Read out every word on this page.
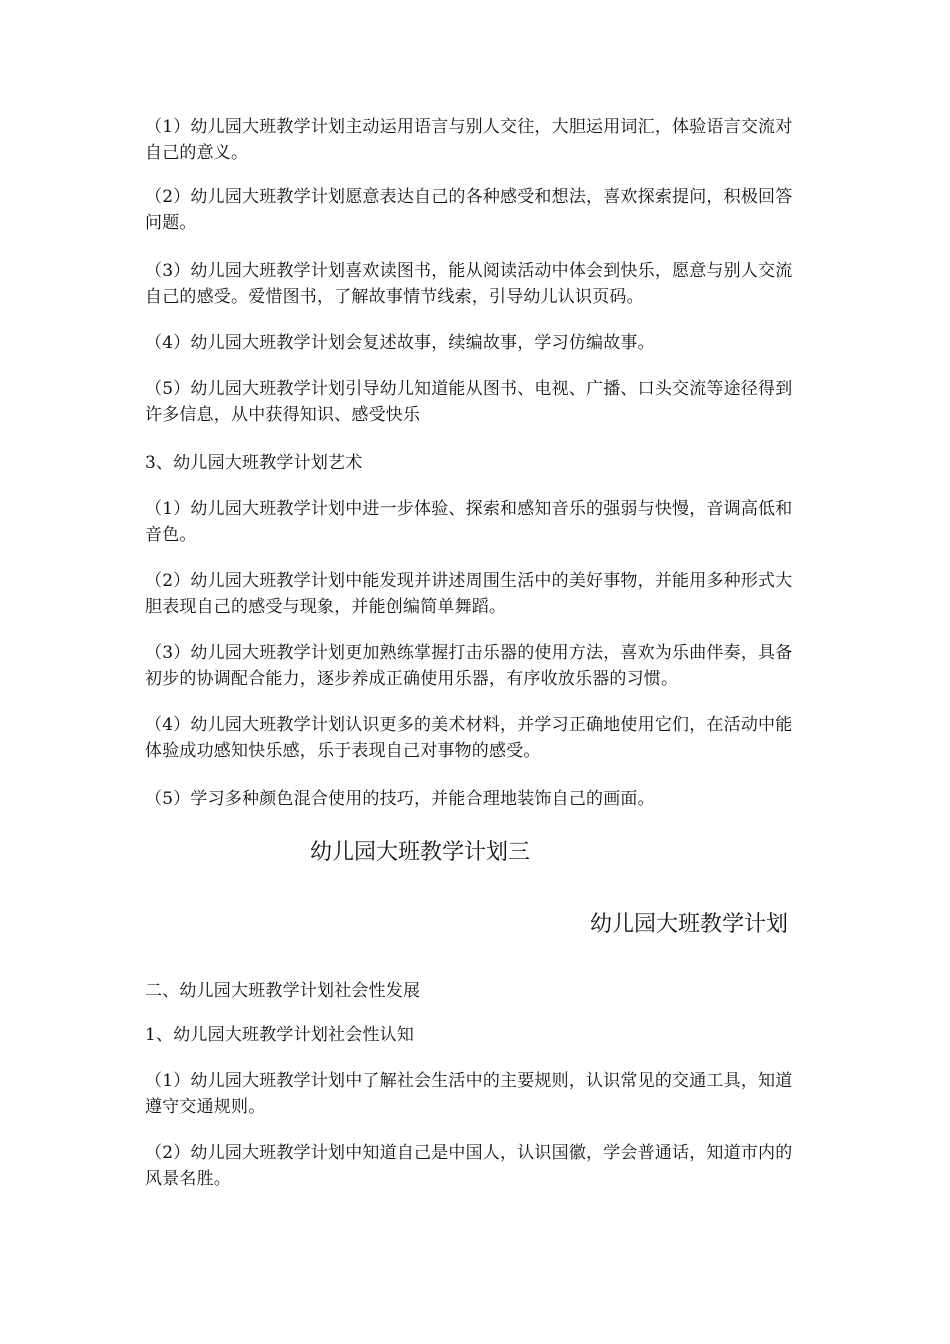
（1）幼儿园大班教学计划主动运用语言与别人交往，大胆运用词汇，体验语言交流对自己的意义。

（2）幼儿园大班教学计划愿意表达自己的各种感受和想法，喜欢探索提问，积极回答问题。

（3）幼儿园大班教学计划喜欢读图书，能从阅读活动中体会到快乐，愿意与别人交流自己的感受。爱惜图书，了解故事情节线索，引导幼儿认识页码。

（4）幼儿园大班教学计划会复述故事，续编故事，学习仿编故事。

（5）幼儿园大班教学计划引导幼儿知道能从图书、电视、广播、口头交流等途径得到许多信息，从中获得知识、感受快乐

3、幼儿园大班教学计划艺术

（1）幼儿园大班教学计划中进一步体验、探索和感知音乐的强弱与快慢，音调高低和音色。

（2）幼儿园大班教学计划中能发现并讲述周围生活中的美好事物，并能用多种形式大胆表现自己的感受与现象，并能创编简单舞蹈。

（3）幼儿园大班教学计划更加熟练掌握打击乐器的使用方法，喜欢为乐曲伴奏，具备初步的协调配合能力，逐步养成正确使用乐器，有序收放乐器的习惯。

（4）幼儿园大班教学计划认识更多的美术材料，并学习正确地使用它们，在活动中能体验成功感知快乐感，乐于表现自己对事物的感受。

（5）学习多种颜色混合使用的技巧，并能合理地装饰自己的画面。

幼儿园大班教学计划三
幼儿园大班教学计划

二、幼儿园大班教学计划社会性发展

1、幼儿园大班教学计划社会性认知

（1）幼儿园大班教学计划中了解社会生活中的主要规则，认识常见的交通工具，知道遵守交通规则。

（2）幼儿园大班教学计划中知道自己是中国人，认识国徽，学会普通话，知道市内的风景名胜。
